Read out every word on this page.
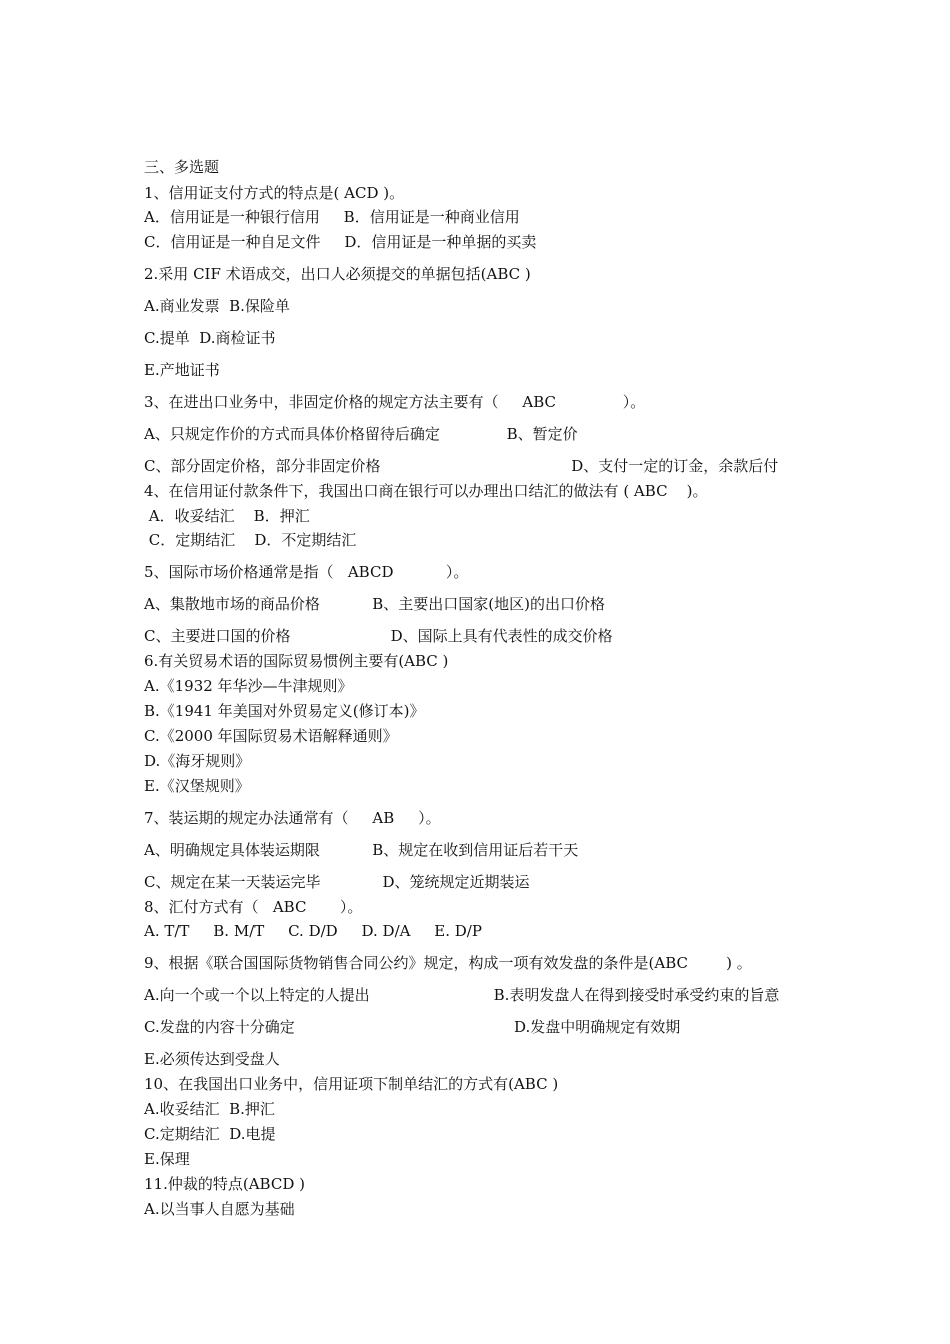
三、多选题
1、信用证支付方式的特点是( ACD )。
A．信用证是一种银行信用     B．信用证是一种商业信用
C．信用证是一种自足文件     D．信用证是一种单据的买卖
2.采用 CIF 术语成交，出口人必须提交的单据包括(ABC )
A.商业发票  B.保险单
C.提单  D.商检证书
E.产地证书
3、在进出口业务中，非固定价格的规定方法主要有（     ABC              ）。
A、只规定作价的方式而具体价格留待后确定              B、暂定价
C、部分固定价格，部分非固定价格                                        D、支付一定的订金，余款后付
4、在信用证付款条件下，我国出口商在银行可以办理出口结汇的做法有 ( ABC    )。
A．收妥结汇    B．押汇
C．定期结汇    D．不定期结汇
5、国际市场价格通常是指（   ABCD           ）。
A、集散地市场的商品价格           B、主要出口国家(地区)的出口价格
C、主要进口国的价格                     D、国际上具有代表性的成交价格
6.有关贸易术语的国际贸易惯例主要有(ABC )
A.《1932 年华沙—牛津规则》
B.《1941 年美国对外贸易定义(修订本)》
C.《2000 年国际贸易术语解释通则》
D.《海牙规则》
E.《汉堡规则》
7、装运期的规定办法通常有（     AB     ）。
A、明确规定具体装运期限           B、规定在收到信用证后若干天
C、规定在某一天装运完毕             D、笼统规定近期装运
8、汇付方式有（   ABC       ）。
A. T/T     B. M/T     C. D/D     D. D/A     E. D/P
9、根据《联合国国际货物销售合同公约》规定，构成一项有效发盘的条件是(ABC        ) 。
A.向一个或一个以上特定的人提出                          B.表明发盘人在得到接受时承受约束的旨意
C.发盘的内容十分确定                                              D.发盘中明确规定有效期
E.必须传达到受盘人
10、在我国出口业务中，信用证项下制单结汇的方式有(ABC )
A.收妥结汇  B.押汇
C.定期结汇  D.电提
E.保理
11.仲裁的特点(ABCD )
A.以当事人自愿为基础
